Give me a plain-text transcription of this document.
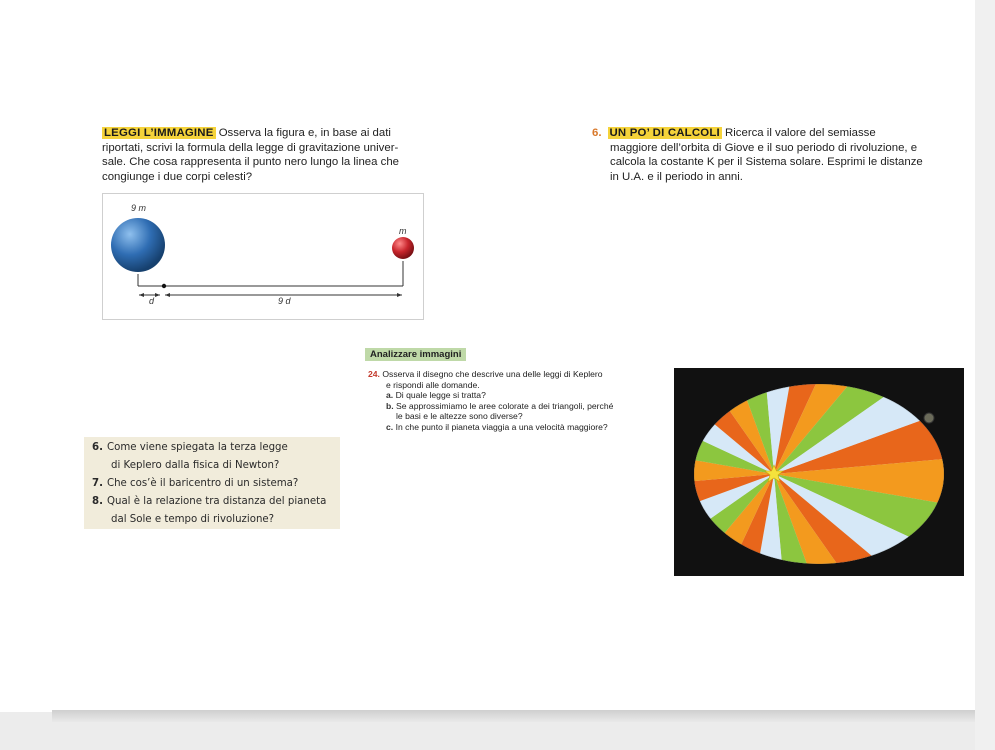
LEGGI L’IMMAGINE Osserva la figura e, in base ai dati
riportati, scrivi la formula della legge di gravitazione univer-
sale. Che cosa rappresenta il punto nero lungo la linea che
congiunge i due corpi celesti?
9 m
m
d	9 d
6. UN PO’ DI CALCOLI Ricerca il valore del semiasse
maggiore dell’orbita di Giove e il suo periodo di rivoluzione, e
calcola la costante K per il Sistema solare. Esprimi le distanze
in U.A. e il periodo in anni.
Analizzare immagini
24. Osserva il disegno che descrive una delle leggi di Keplero
e rispondi alle domande.
a. Di quale legge si tratta?
b. Se approssimiamo le aree colorate a dei triangoli, perché
le basi e le altezze sono diverse?
c. In che punto il pianeta viaggia a una velocità maggiore?
6. Come viene spiegata la terza legge
di Keplero dalla fisica di Newton?
7. Che cos’è il baricentro di un sistema?
8. Qual è la relazione tra distanza del pianeta
dal Sole e tempo di rivoluzione?
